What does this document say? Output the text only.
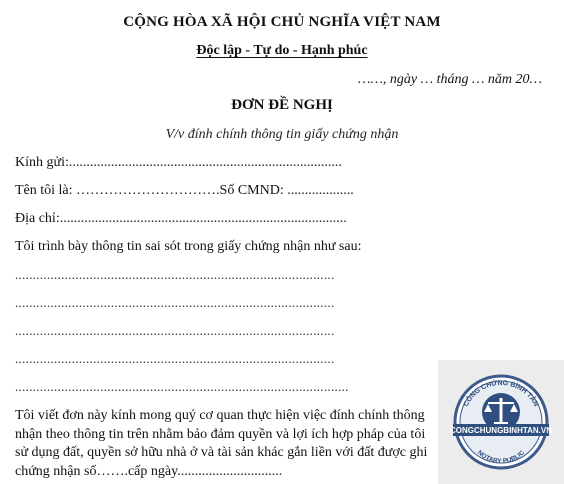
CỘNG HÒA XÃ HỘI CHỦ NGHĨA VIỆT NAM
Độc lập - Tự do - Hạnh phúc
……, ngày … tháng … năm 20…
ĐƠN ĐỀ NGHỊ
V/v đính chính thông tin giấy chứng nhận
Kính gửi:..............................................................................
Tên tôi là: ………………………….Số CMND: ...................
Địa chỉ:..................................................................................
Tôi trình bày thông tin sai sót trong giấy chứng nhận như sau:
..........................................................................................
..........................................................................................
..........................................................................................
..........................................................................................
..............................................................................................
Tôi viết đơn này kính mong quý cơ quan thực hiện việc đính chính thông
nhận theo thông tin trên nhằm bảo đảm quyền và lợi ích hợp pháp của tôi
sử dụng đất, quyền sở hữu nhà ở và tài sản khác gắn liền với đất được ghi
chứng nhận số…….cấp ngày..............................
CÔNG CHỨNG BÌNH TÂN
CONGCHUNGBINHTAN.VN
NOTARY PUBLIC
